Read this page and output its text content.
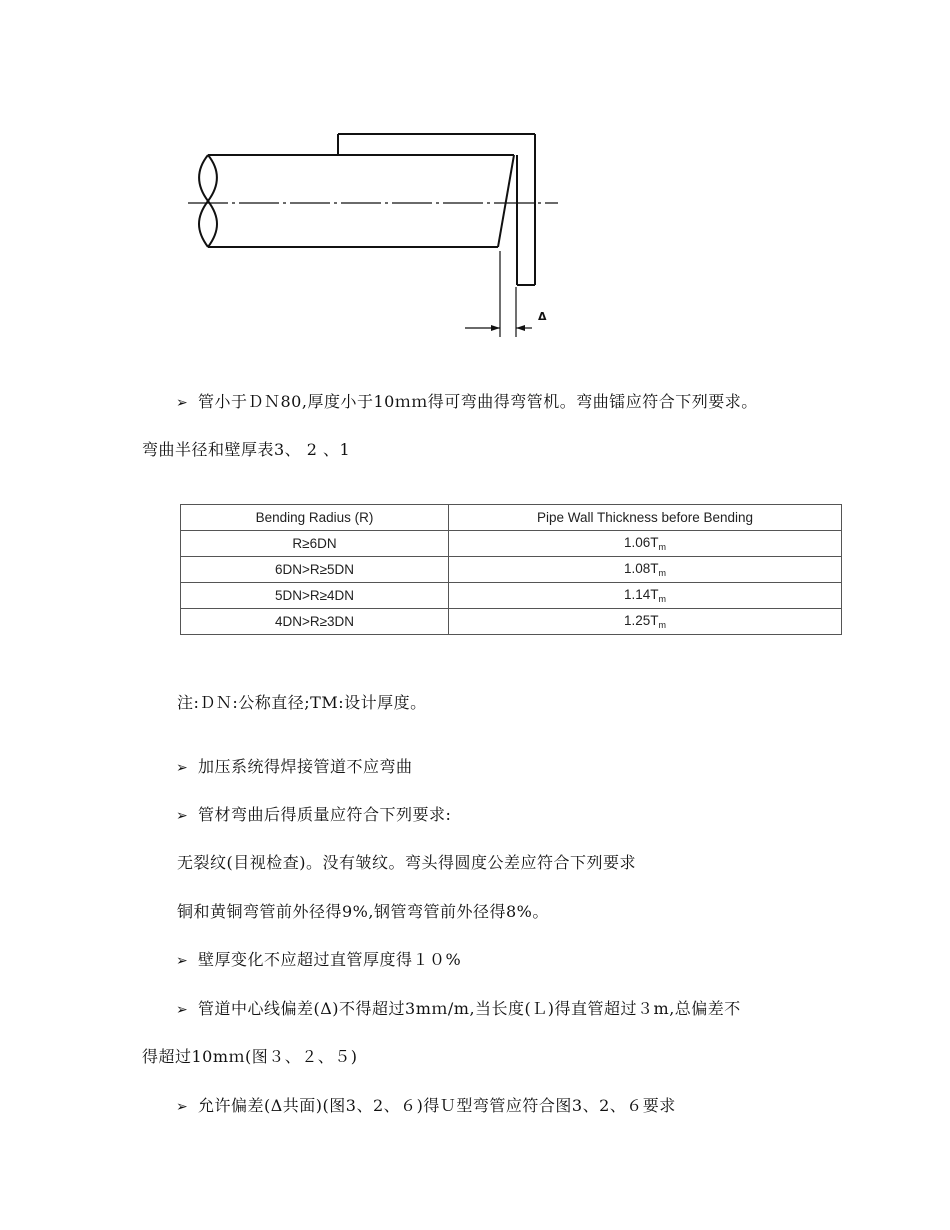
Δ
➢ 管小于ＤＮ80,厚度小于10ｍｍ得可弯曲得弯管机。弯曲镭应符合下列要求。
弯曲半径和壁厚表3、 2 、1
Bending Radius (R)	Pipe Wall Thickness before Bending
R≥6DN	$1.06T_m$
6DN>R≥5DN	$1.08T_m$
5DN>R≥4DN	$1.14T_m$
4DN>R≥3DN	$1.25T_m$
注:ＤＮ:公称直径;TM:设计厚度。
➢ 加压系统得焊接管道不应弯曲
➢ 管材弯曲后得质量应符合下列要求:
无裂纹(目视检查)。没有皱纹。弯头得圆度公差应符合下列要求
铜和黄铜弯管前外径得9%,钢管弯管前外径得8%。
➢ 壁厚变化不应超过直管厚度得１０%
➢ 管道中心线偏差(Δ)不得超过3mｍ/m,当长度(Ｌ)得直管超过３m,总偏差不
得超过10mｍ(图３、２、５)
➢ 允许偏差(Δ共面)(图3、2、６)得Ｕ型弯管应符合图3、2、６要求
